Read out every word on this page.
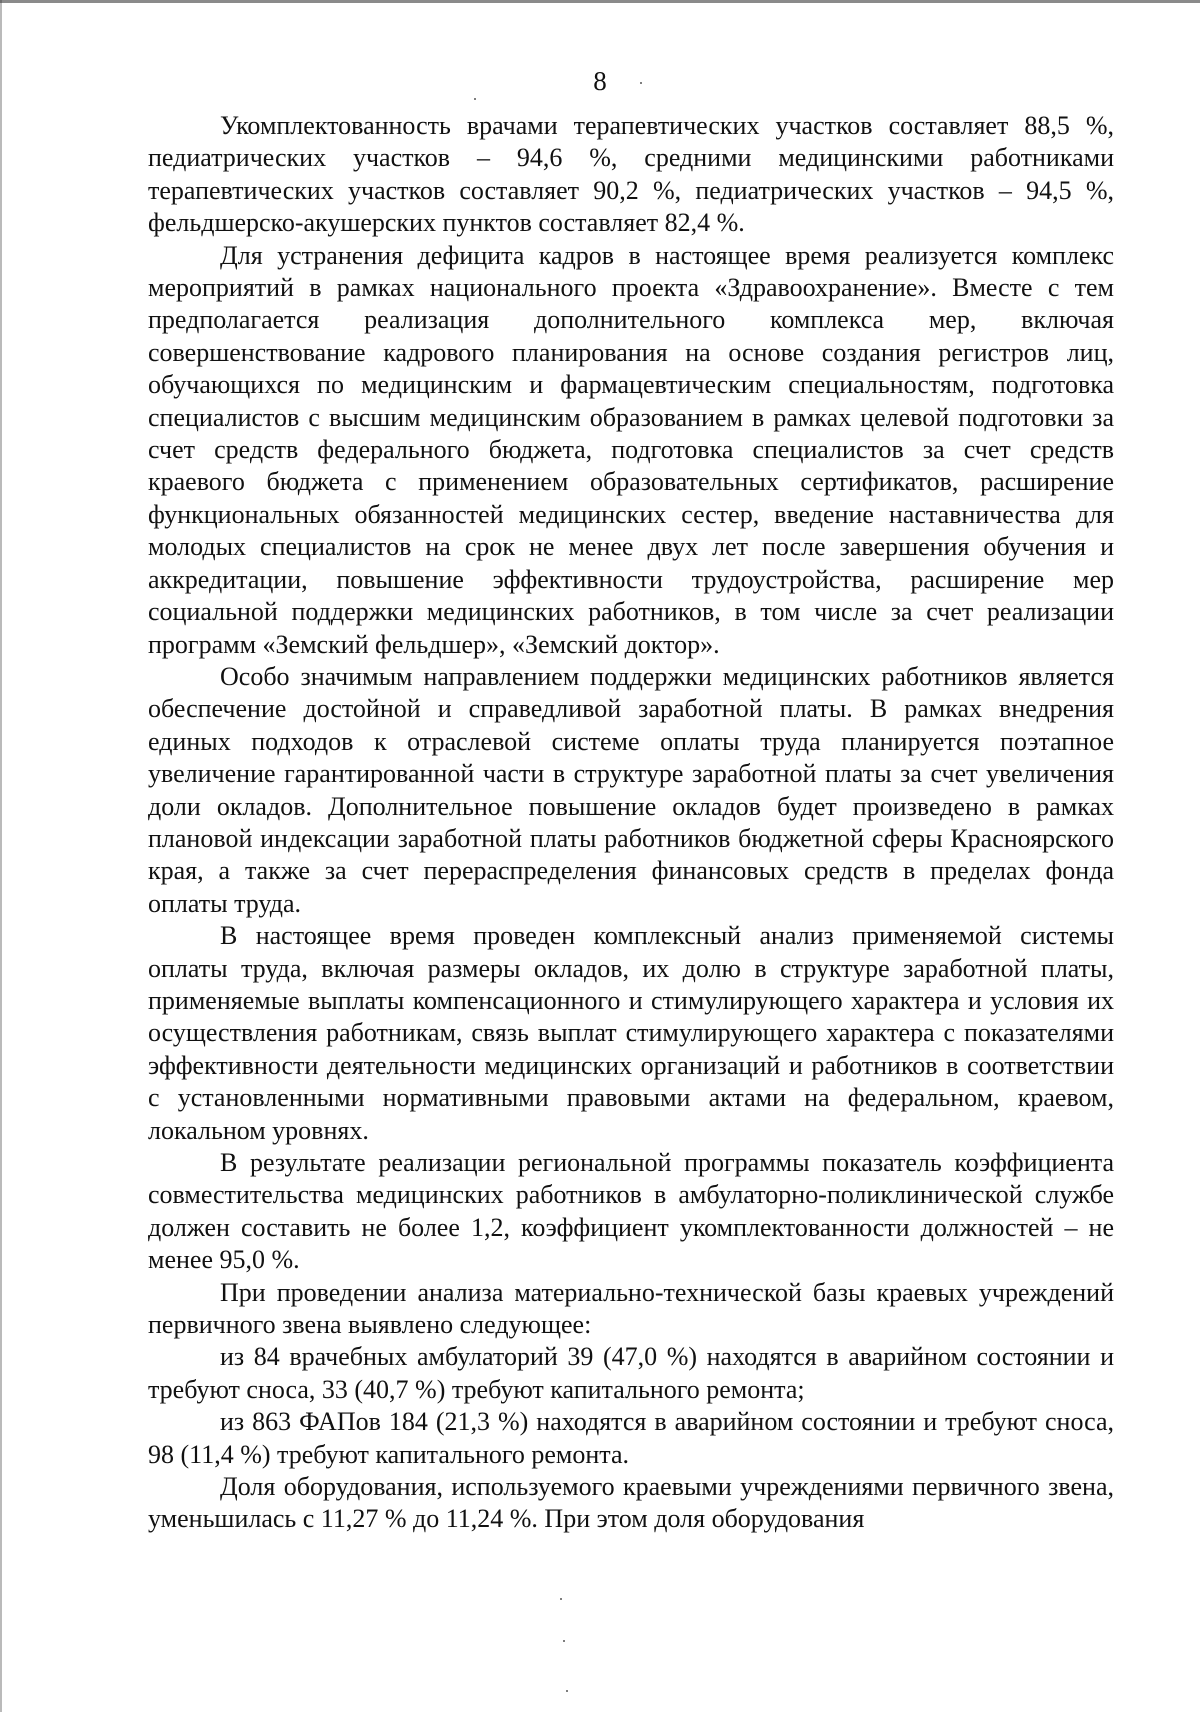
8

Укомплектованность врачами терапевтических участков составляет 88,5 %, педиатрических участков – 94,6 %, средними медицинскими работниками терапевтических участков составляет 90,2 %, педиатрических участков – 94,5 %, фельдшерско-акушерских пунктов составляет 82,4 %.

Для устранения дефицита кадров в настоящее время реализуется комплекс мероприятий в рамках национального проекта «Здравоохранение». Вместе с тем предполагается реализация дополнительного комплекса мер, включая совершенствование кадрового планирования на основе создания регистров лиц, обучающихся по медицинским и фармацевтическим специальностям, подготовка специалистов с высшим медицинским образованием в рамках целевой подготовки за счет средств федерального бюджета, подготовка специалистов за счет средств краевого бюджета с применением образовательных сертификатов, расширение функциональных обязанностей медицинских сестер, введение наставничества для молодых специалистов на срок не менее двух лет после завершения обучения и аккредитации, повышение эффективности трудоустройства, расширение мер социальной поддержки медицинских работников, в том числе за счет реализации программ «Земский фельдшер», «Земский доктор».

Особо значимым направлением поддержки медицинских работников является обеспечение достойной и справедливой заработной платы. В рамках внедрения единых подходов к отраслевой системе оплаты труда планируется поэтапное увеличение гарантированной части в структуре заработной платы за счет увеличения доли окладов. Дополнительное повышение окладов будет произведено в рамках плановой индексации заработной платы работников бюджетной сферы Красноярского края, а также за счет перераспределения финансовых средств в пределах фонда оплаты труда.

В настоящее время проведен комплексный анализ применяемой системы оплаты труда, включая размеры окладов, их долю в структуре заработной платы, применяемые выплаты компенсационного и стимулирующего характера и условия их осуществления работникам, связь выплат стимулирующего характера с показателями эффективности деятельности медицинских организаций и работников в соответствии с установленными нормативными правовыми актами на федеральном, краевом, локальном уровнях.

В результате реализации региональной программы показатель коэффициента совместительства медицинских работников в амбулаторно-поликлинической службе должен составить не более 1,2, коэффициент укомплектованности должностей – не менее 95,0 %.

При проведении анализа материально-технической базы краевых учреждений первичного звена выявлено следующее:

из 84 врачебных амбулаторий 39 (47,0 %) находятся в аварийном состоянии и требуют сноса, 33 (40,7 %) требуют капитального ремонта;

из 863 ФАПов 184 (21,3 %) находятся в аварийном состоянии и требуют сноса, 98 (11,4 %) требуют капитального ремонта.

Доля оборудования, используемого краевыми учреждениями первичного звена, уменьшилась с 11,27 % до 11,24 %. При этом доля оборудования
